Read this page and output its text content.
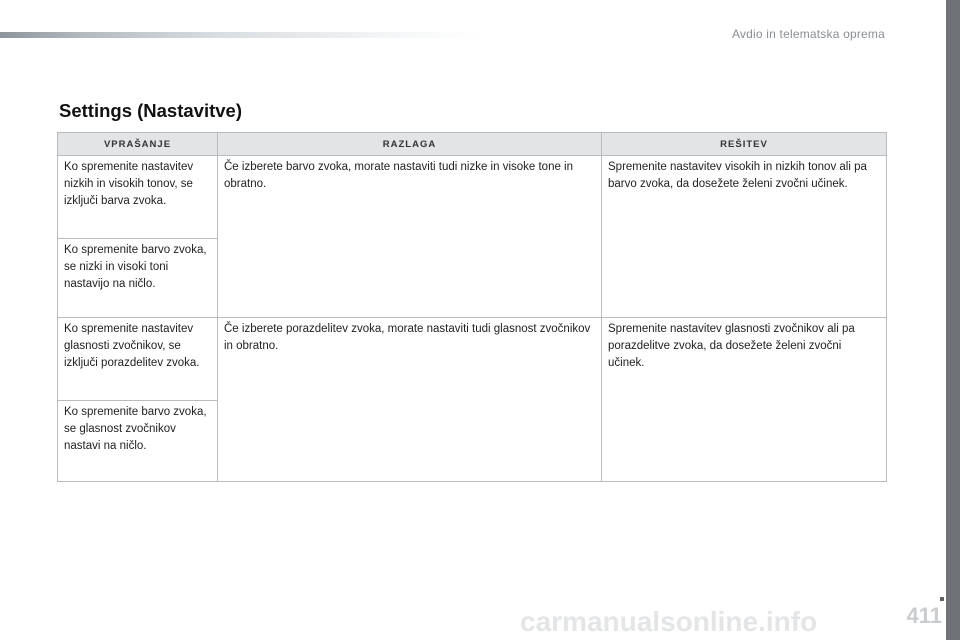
Avdio in telematska oprema
Settings (Nastavitve)
VPRAŠANJE	RAZLAGA	REŠITEV
Ko spremenite nastavitev nizkih in visokih tonov, se izključi barva zvoka.	Če izberete barvo zvoka, morate nastaviti tudi nizke in visoke tone in obratno.	Spremenite nastavitev visokih in nizkih tonov ali pa barvo zvoka, da dosežete želeni zvočni učinek.
Ko spremenite barvo zvoka, se nizki in visoki toni nastavijo na ničlo.		
Ko spremenite nastavitev glasnosti zvočnikov, se izključi porazdelitev zvoka.	Če izberete porazdelitev zvoka, morate nastaviti tudi glasnost zvočnikov in obratno.	Spremenite nastavitev glasnosti zvočnikov ali pa porazdelitve zvoka, da dosežete želeni zvočni učinek.
Ko spremenite barvo zvoka, se glasnost zvočnikov nastavi na ničlo.		
carmanualsonline.info	411
